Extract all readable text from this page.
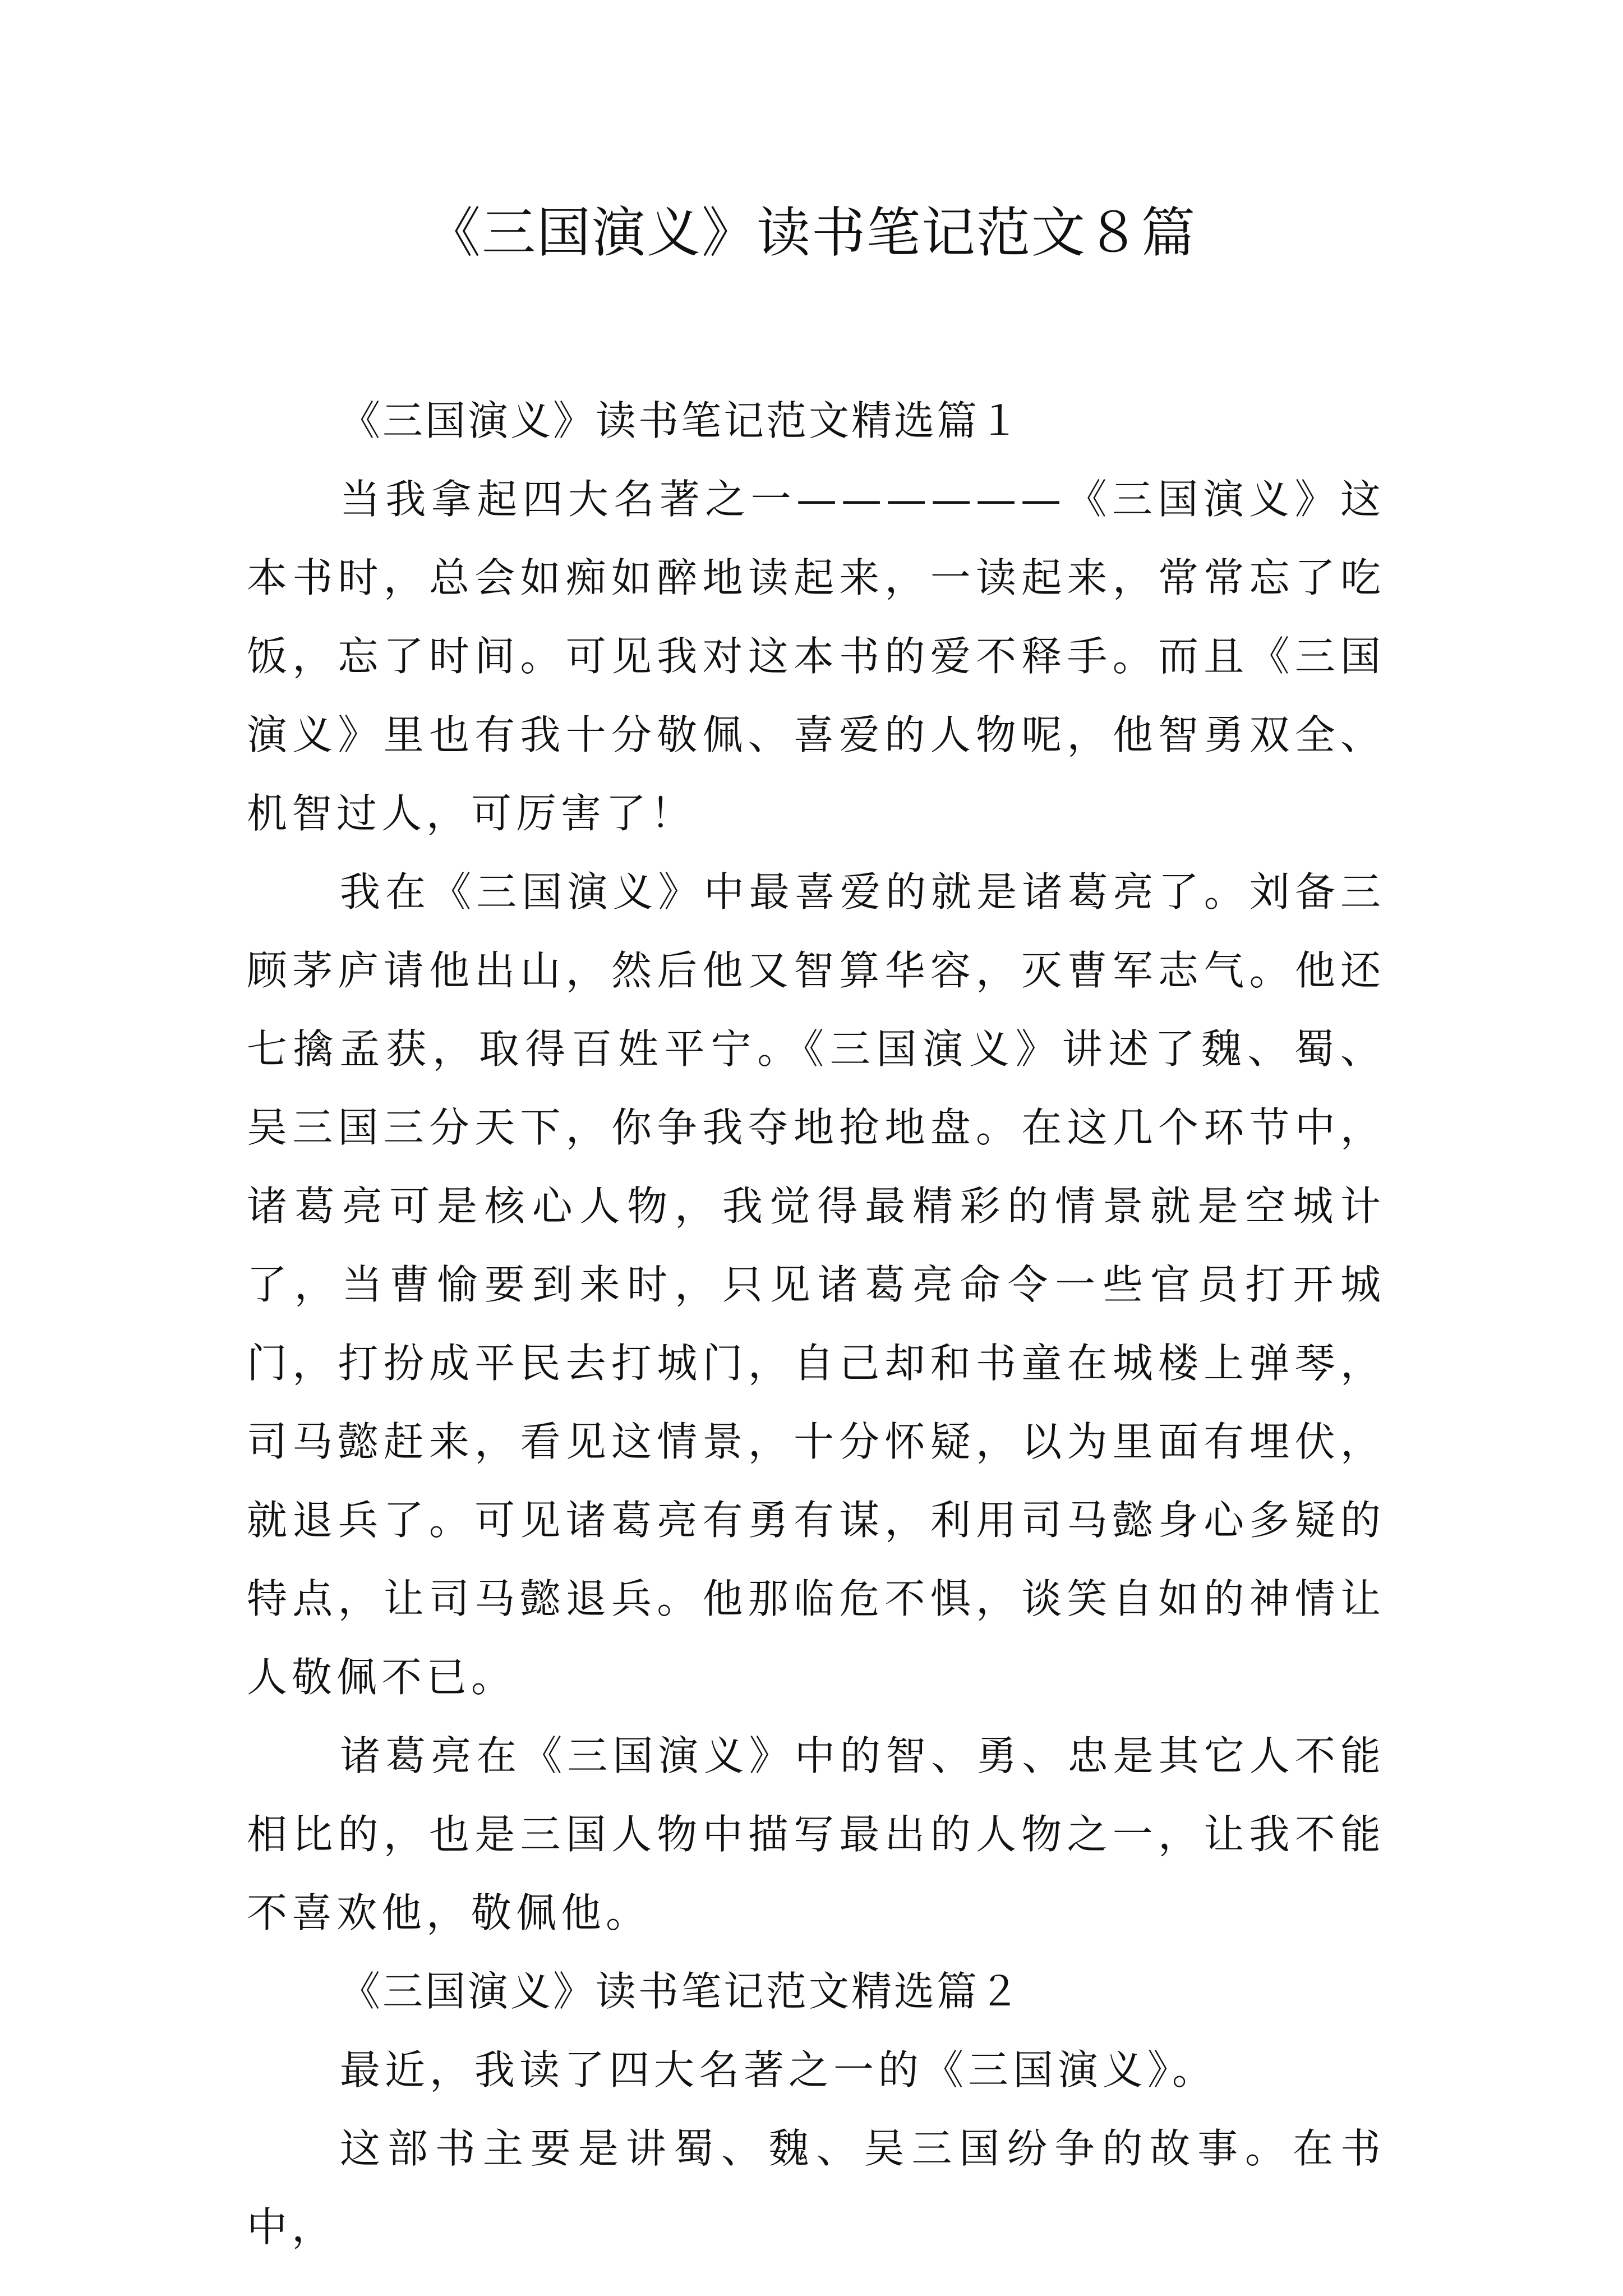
《三国演义》读书笔记范文８篇

《三国演义》读书笔记范文精选篇１

当我拿起四大名著之一——————《三国演义》这本书时，总会如痴如醉地读起来，一读起来，常常忘了吃饭，忘了时间。可见我对这本书的爱不释手。而且《三国演义》里也有我十分敬佩、喜爱的人物呢，他智勇双全、机智过人，可厉害了！

我在《三国演义》中最喜爱的就是诸葛亮了。刘备三顾茅庐请他出山，然后他又智算华容，灭曹军志气。他还七擒孟获，取得百姓平宁。《三国演义》讲述了魏、蜀、吴三国三分天下，你争我夺地抢地盘。在这几个环节中，诸葛亮可是核心人物，我觉得最精彩的情景就是空城计了，当曹愉要到来时，只见诸葛亮命令一些官员打开城门，打扮成平民去打城门，自己却和书童在城楼上弹琴，司马懿赶来，看见这情景，十分怀疑，以为里面有埋伏，就退兵了。可见诸葛亮有勇有谋，利用司马懿身心多疑的特点，让司马懿退兵。他那临危不惧，谈笑自如的神情让人敬佩不已。

诸葛亮在《三国演义》中的智、勇、忠是其它人不能相比的，也是三国人物中描写最出的人物之一，让我不能不喜欢他，敬佩他。

《三国演义》读书笔记范文精选篇２

最近，我读了四大名著之一的《三国演义》。

这部书主要是讲蜀、魏、吴三国纷争的故事。在书中，
